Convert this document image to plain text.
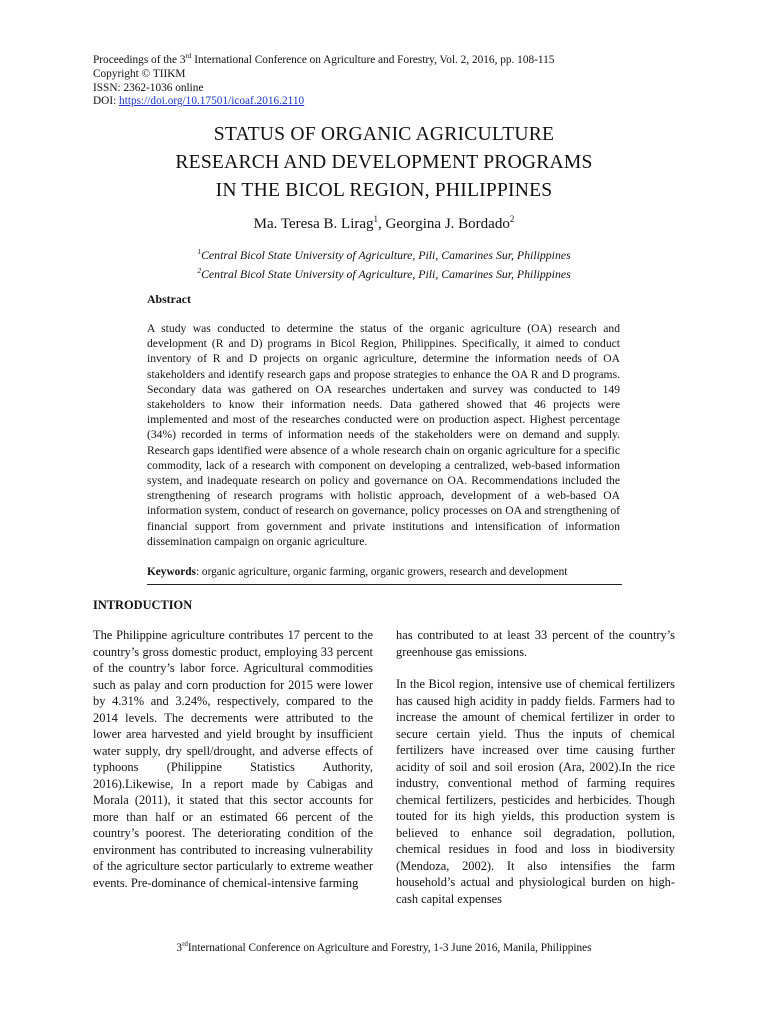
Proceedings of the 3rd International Conference on Agriculture and Forestry, Vol. 2, 2016, pp. 108-115
Copyright © TIIKM
ISSN: 2362-1036 online
DOI: https://doi.org/10.17501/icoaf.2016.2110
STATUS OF ORGANIC AGRICULTURE
RESEARCH AND DEVELOPMENT PROGRAMS
IN THE BICOL REGION, PHILIPPINES
Ma. Teresa B. Lirag$^1$, Georgina J. Bordado$^2$
$^1$Central Bicol State University of Agriculture, Pili, Camarines Sur, Philippines
$^2$Central Bicol State University of Agriculture, Pili, Camarines Sur, Philippines
Abstract
A study was conducted to determine the status of the organic agriculture (OA) research and development (R and D) programs in Bicol Region, Philippines. Specifically, it aimed to conduct inventory of R and D projects on organic agriculture, determine the information needs of OA stakeholders and identify research gaps and propose strategies to enhance the OA R and D programs. Secondary data was gathered on OA researches undertaken and survey was conducted to 149 stakeholders to know their information needs. Data gathered showed that 46 projects were implemented and most of the researches conducted were on production aspect. Highest percentage (34%) recorded in terms of information needs of the stakeholders were on demand and supply. Research gaps identified were absence of a whole research chain on organic agriculture for a specific commodity, lack of a research with component on developing a centralized, web-based information system, and inadequate research on policy and governance on OA. Recommendations included the strengthening of research programs with holistic approach, development of a web-based OA information system, conduct of research on governance, policy processes on OA and strengthening of financial support from government and private institutions and intensification of information dissemination campaign on organic agriculture.
Keywords: organic agriculture, organic farming, organic growers, research and development
INTRODUCTION

The Philippine agriculture contributes 17 percent to the country’s gross domestic product, employing 33 percent of the country’s labor force. Agricultural commodities such as palay and corn production for 2015 were lower by 4.31% and 3.24%, respectively, compared to the 2014 levels. The decrements were attributed to the lower area harvested and yield brought by insufficient water supply, dry spell/drought, and adverse effects of typhoons (Philippine Statistics Authority, 2016).Likewise, In a report made by Cabigas and Morala (2011), it stated that this sector accounts for more than half or an estimated 66 percent of the country’s poorest. The deteriorating condition of the environment has contributed to increasing vulnerability of the agriculture sector particularly to extreme weather events. Pre-dominance of chemical-intensive farming

has contributed to at least 33 percent of the country’s greenhouse gas emissions.

In the Bicol region, intensive use of chemical fertilizers has caused high acidity in paddy fields. Farmers had to increase the amount of chemical fertilizer in order to secure certain yield. Thus the inputs of chemical fertilizers have increased over time causing further acidity of soil and soil erosion (Ara, 2002).In the rice industry, conventional method of farming requires chemical fertilizers, pesticides and herbicides. Though touted for its high yields, this production system is believed to enhance soil degradation, pollution, chemical residues in food and loss in biodiversity (Mendoza, 2002). It also intensifies the farm household’s actual and physiological burden on high-cash capital expenses

3rdInternational Conference on Agriculture and Forestry, 1-3 June 2016, Manila, Philippines
